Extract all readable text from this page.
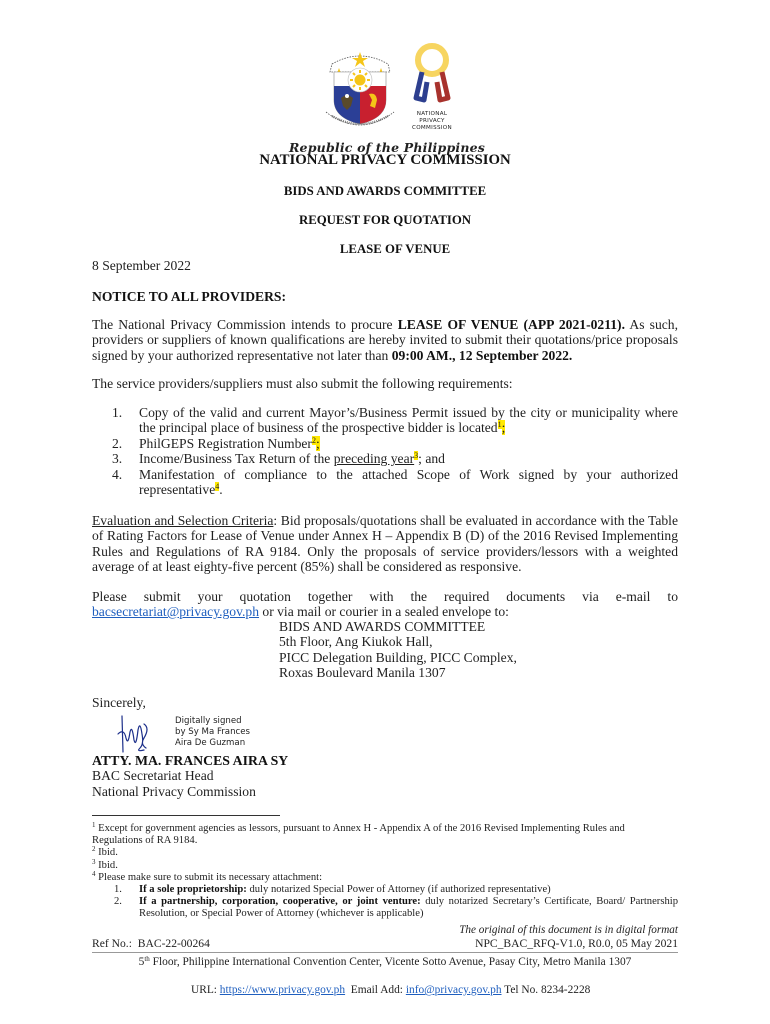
NATIONAL
PRIVACY
COMMISSION
Republic of the Philippines
NATIONAL PRIVACY COMMISSION
BIDS AND AWARDS COMMITTEE
REQUEST FOR QUOTATION
LEASE OF VENUE
8 September 2022
NOTICE TO ALL PROVIDERS:
The National Privacy Commission intends to procure LEASE OF VENUE (APP 2021-0211). As such, providers or suppliers of known qualifications are hereby invited to submit their quotations/price proposals signed by your authorized representative not later than 09:00 AM., 12 September 2022.
The service providers/suppliers must also submit the following requirements:
1. Copy of the valid and current Mayor’s/Business Permit issued by the city or municipality where the principal place of business of the prospective bidder is located$^1$;
2. PhilGEPS Registration Number$^2$;
3. Income/Business Tax Return of the preceding year$^3$; and
4. Manifestation of compliance to the attached Scope of Work signed by your authorized representative$^4$.
Evaluation and Selection Criteria: Bid proposals/quotations shall be evaluated in accordance with the Table of Rating Factors for Lease of Venue under Annex H – Appendix B (D) of the 2016 Revised Implementing Rules and Regulations of RA 9184. Only the proposals of service providers/lessors with a weighted average of at least eighty-five percent (85%) shall be considered as responsive.
Please submit your quotation together with the required documents via e-mail to
bacsecretariat@privacy.gov.ph or via mail or courier in a sealed envelope to:
BIDS AND AWARDS COMMITTEE
5th Floor, Ang Kiukok Hall,
PICC Delegation Building, PICC Complex,
Roxas Boulevard Manila 1307
Sincerely,
Digitally signed
by Sy Ma Frances
Aira De Guzman
ATTY. MA. FRANCES AIRA SY
BAC Secretariat Head
National Privacy Commission
$^1$ Except for government agencies as lessors, pursuant to Annex H - Appendix A of the 2016 Revised Implementing Rules and Regulations of RA 9184.
$^2$ Ibid.
$^3$ Ibid.
$^4$ Please make sure to submit its necessary attachment:
1. If a sole proprietorship: duly notarized Special Power of Attorney (if authorized representative)
2. If a partnership, corporation, cooperative, or joint venture: duly notarized Secretary’s Certificate, Board/ Partnership Resolution, or Special Power of Attorney (whichever is applicable)
The original of this document is in digital format
Ref No.:  BAC-22-00264	NPC_BAC_RFQ-V1.0, R0.0, 05 May 2021
5th Floor, Philippine International Convention Center, Vicente Sotto Avenue, Pasay City, Metro Manila 1307

URL: https://www.privacy.gov.ph  Email Add: info@privacy.gov.ph Tel No. 8234-2228
